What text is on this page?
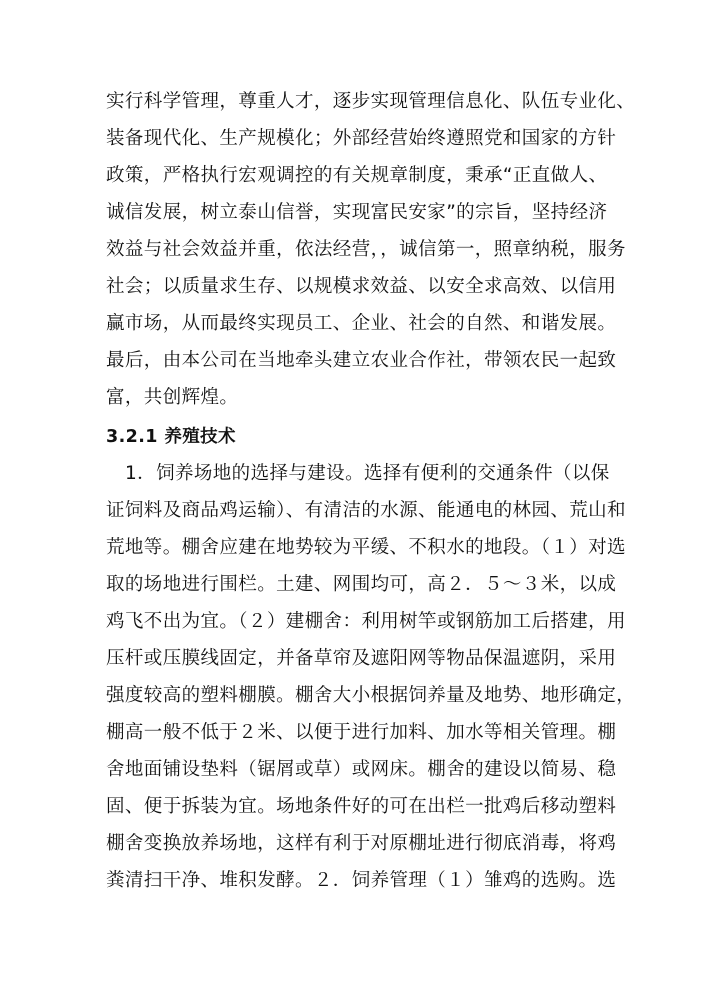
实行科学管理，尊重人才，逐步实现管理信息化、队伍专业化、
装备现代化、生产规模化；外部经营始终遵照党和国家的方针
政策，严格执行宏观调控的有关规章制度，秉承“正直做人、
诚信发展，树立泰山信誉，实现富民安家”的宗旨，坚持经济
效益与社会效益并重，依法经营，，诚信第一，照章纳税，服务
社会；以质量求生存、以规模求效益、以安全求高效、以信用
赢市场，从而最终实现员工、企业、社会的自然、和谐发展。
最后，由本公司在当地牵头建立农业合作社，带领农民一起致
富，共创辉煌。
3.2.1 养殖技术
1．饲养场地的选择与建设。选择有便利的交通条件（以保
证饲料及商品鸡运输）、有清洁的水源、能通电的林园、荒山和
荒地等。棚舍应建在地势较为平缓、不积水的地段。（１）对选
取的场地进行围栏。土建、网围均可，高２．５～３米，以成
鸡飞不出为宜。（２）建棚舍：利用树竿或钢筋加工后搭建，用
压杆或压膜线固定，并备草帘及遮阳网等物品保温遮阴，采用
强度较高的塑料棚膜。棚舍大小根据饲养量及地势、地形确定，
棚高一般不低于２米、以便于进行加料、加水等相关管理。棚
舍地面铺设垫料（锯屑或草）或网床。棚舍的建设以简易、稳
固、便于拆装为宜。场地条件好的可在出栏一批鸡后移动塑料
棚舍变换放养场地，这样有利于对原棚址进行彻底消毒，将鸡
粪清扫干净、堆积发酵。２．饲养管理（１）雏鸡的选购。选
